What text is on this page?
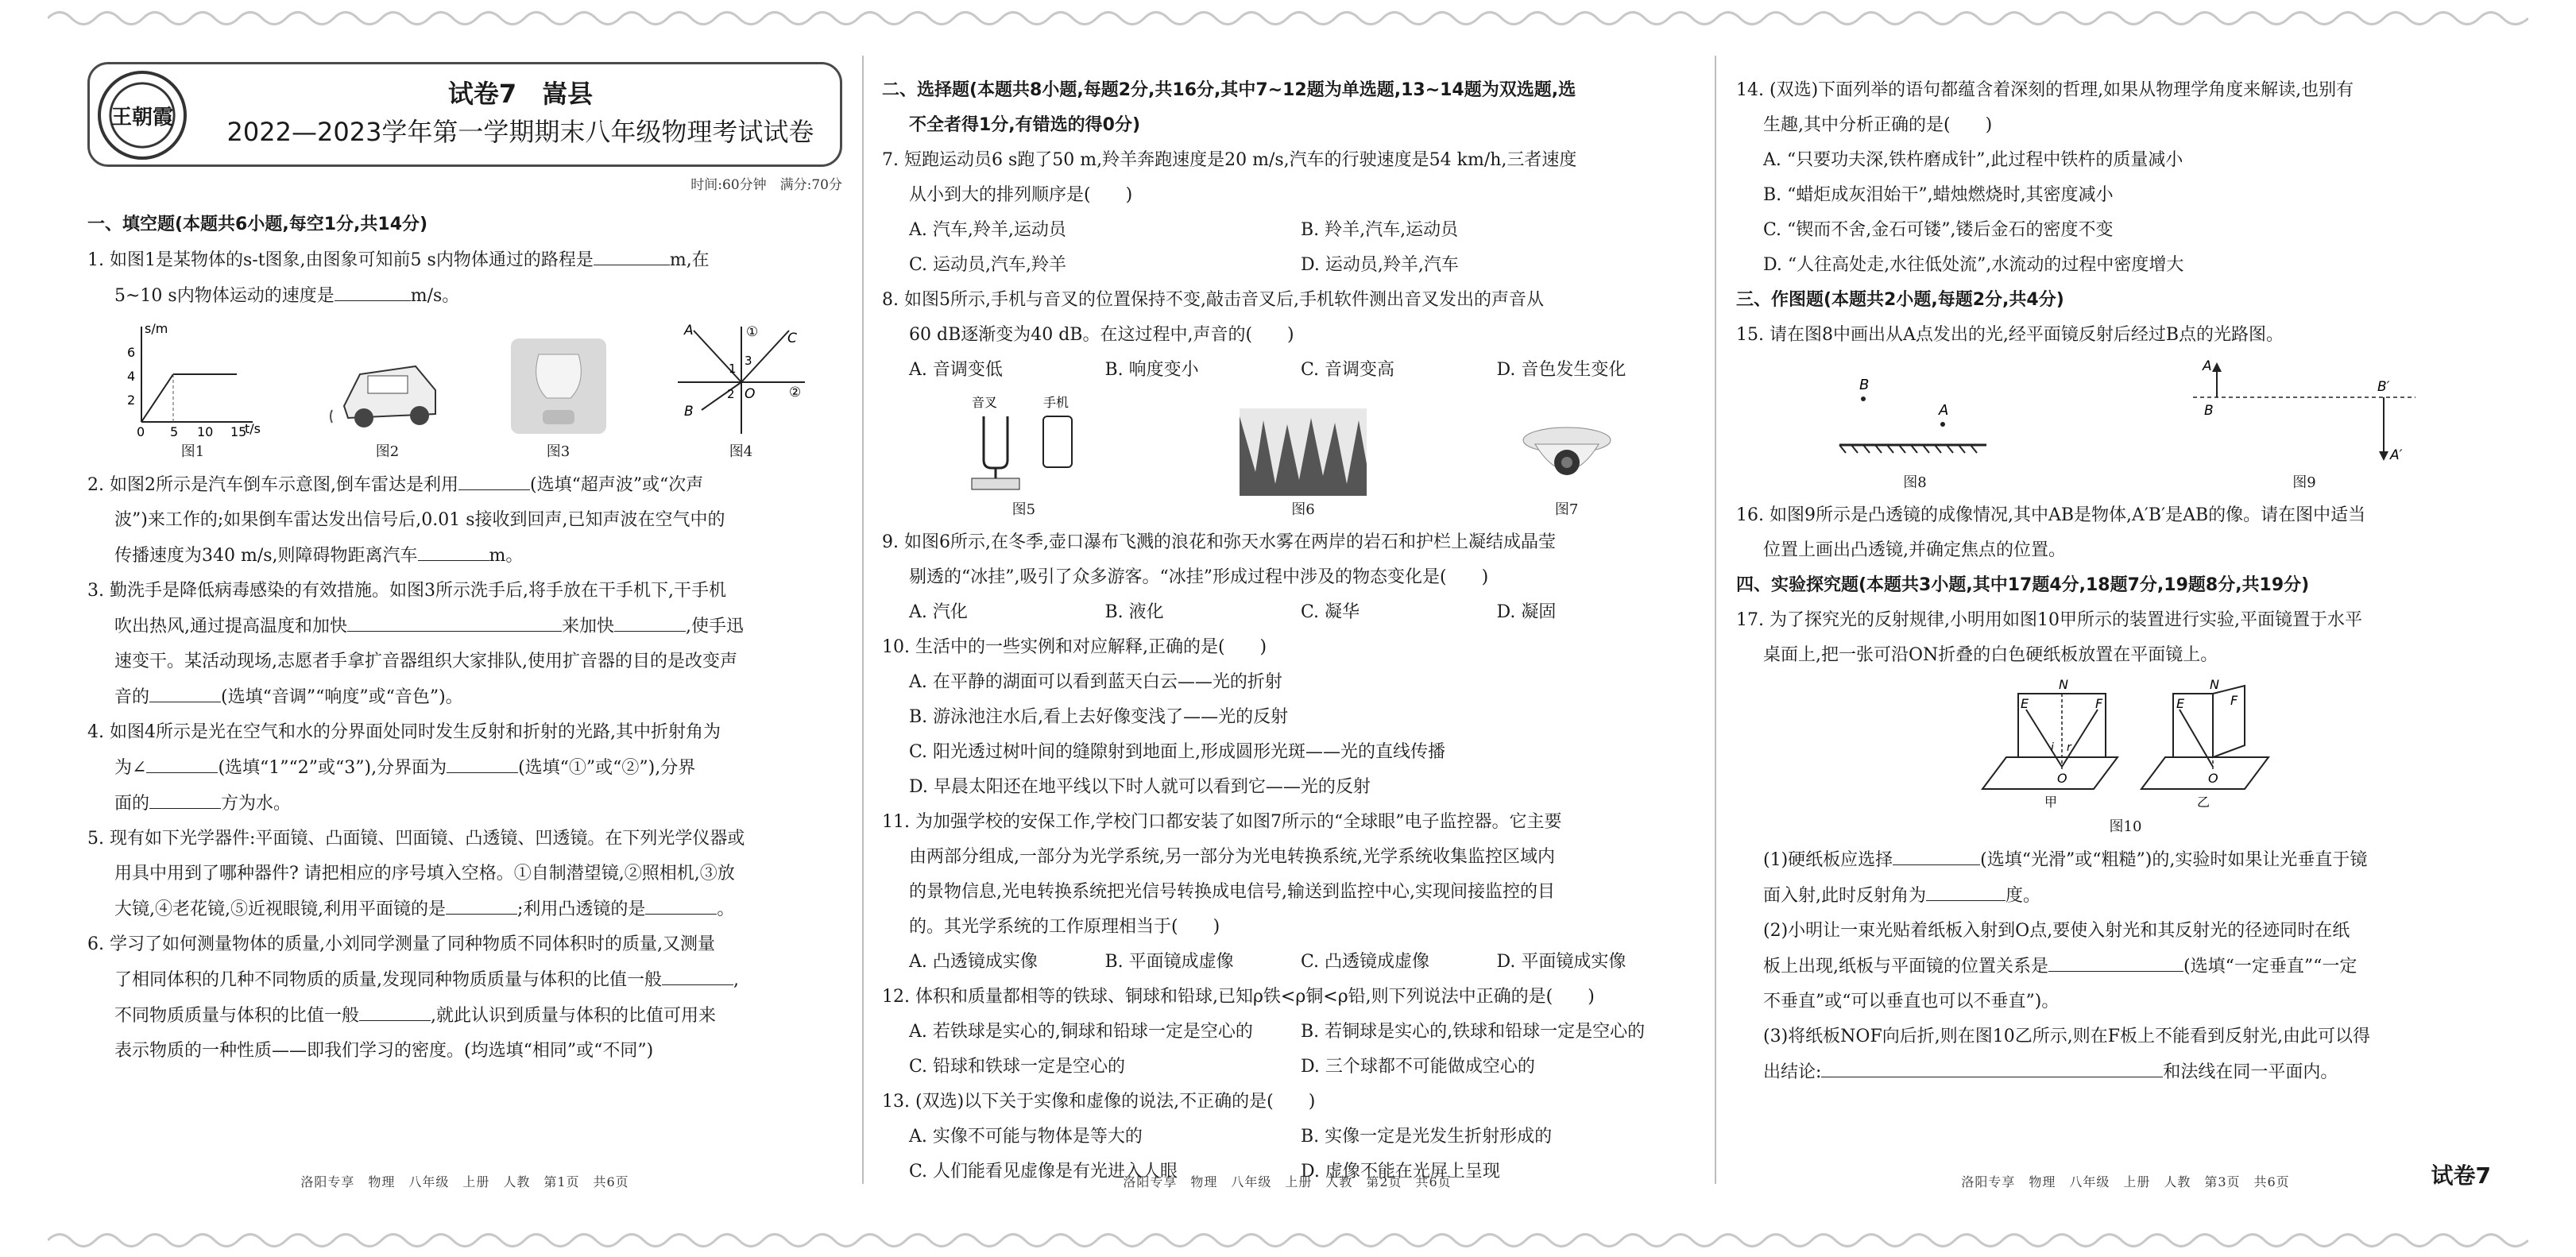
王朝霞
试卷7　嵩县
2022—2023学年第一学期期末八年级物理考试试卷
时间:60分钟　满分:70分
一、填空题(本题共6小题,每空1分,共14分)

1. 如图1是某物体的s-t图象,由图象可知前5 s内物体通过的路程是	m,在

5~10 s内物体运动的速度是	m/s。

s/m
6
4
2
0 5 10 15
t/s
图1	图2	图3
A	① C
1
3
2
B
O	②
图4

2. 如图2所示是汽车倒车示意图,倒车雷达是利用	(选填“超声波”或“次声

波”)来工作的;如果倒车雷达发出信号后,0.01 s接收到回声,已知声波在空气中的

传播速度为340 m/s,则障碍物距离汽车	m。

3. 勤洗手是降低病毒感染的有效措施。如图3所示洗手后,将手放在干手机下,干手机

吹出热风,通过提高温度和加快	来加快	,使手迅

速变干。某活动现场,志愿者手拿扩音器组织大家排队,使用扩音器的目的是改变声

音的	(选填“音调”“响度”或“音色”)。

4. 如图4所示是光在空气和水的分界面处同时发生反射和折射的光路,其中折射角为

为∠	(选填“1”“2”或“3”),分界面为	(选填“①”或“②”),分界

面的	方为水。

5. 现有如下光学器件:平面镜、凸面镜、凹面镜、凸透镜、凹透镜。在下列光学仪器或

用具中用到了哪种器件? 请把相应的序号填入空格。①自制潜望镜,②照相机,③放

大镜,④老花镜,⑤近视眼镜,利用平面镜的是	;利用凸透镜的是	。

6. 学习了如何测量物体的质量,小刘同学测量了同种物质不同体积时的质量,又测量

了相同体积的几种不同物质的质量,发现同种物质质量与体积的比值一般	,

不同物质质量与体积的比值一般	,就此认识到质量与体积的比值可用来

表示物质的一种性质——即我们学习的密度。(均选填“相同”或“不同”)

洛阳专享　物理　八年级　上册　人教　第1页　共6页
二、选择题(本题共8小题,每题2分,共16分,其中7~12题为单选题,13~14题为双选题,选
不全者得1分,有错选的得0分)

7. 短跑运动员6 s跑了50 m,羚羊奔跑速度是20 m/s,汽车的行驶速度是54 km/h,三者速度

从小到大的排列顺序是(　　)

A. 汽车,羚羊,运动员	B. 羚羊,汽车,运动员
C. 运动员,汽车,羚羊	D. 运动员,羚羊,汽车

8. 如图5所示,手机与音叉的位置保持不变,敲击音叉后,手机软件测出音叉发出的声音从

60 dB逐渐变为40 dB。在这过程中,声音的(　　)

A. 音调变低	B. 响度变小	C. 音调变高	D. 音色发生变化
音叉	手机
图5	图6	图7

9. 如图6所示,在冬季,壶口瀑布飞溅的浪花和弥天水雾在两岸的岩石和护栏上凝结成晶莹

剔透的“冰挂”,吸引了众多游客。“冰挂”形成过程中涉及的物态变化是(　　)

A. 汽化	B. 液化	C. 凝华	D. 凝固

10. 生活中的一些实例和对应解释,正确的是(　　)

A. 在平静的湖面可以看到蓝天白云——光的折射

B. 游泳池注水后,看上去好像变浅了——光的反射

C. 阳光透过树叶间的缝隙射到地面上,形成圆形光斑——光的直线传播

D. 早晨太阳还在地平线以下时人就可以看到它——光的反射

11. 为加强学校的安保工作,学校门口都安装了如图7所示的“全球眼”电子监控器。它主要

由两部分组成,一部分为光学系统,另一部分为光电转换系统,光学系统收集监控区域内

的景物信息,光电转换系统把光信号转换成电信号,输送到监控中心,实现间接监控的目

的。其光学系统的工作原理相当于(　　)

A. 凸透镜成实像	B. 平面镜成虚像	C. 凸透镜成虚像	D. 平面镜成实像

12. 体积和质量都相等的铁球、铜球和铅球,已知ρ铁<ρ铜<ρ铅,则下列说法中正确的是(　　)

A. 若铁球是实心的,铜球和铅球一定是空心的	B. 若铜球是实心的,铁球和铅球一定是空心的
C. 铅球和铁球一定是空心的	D. 三个球都不可能做成空心的

13. (双选)以下关于实像和虚像的说法,不正确的是(　　)

A. 实像不可能与物体是等大的	B. 实像一定是光发生折射形成的
C. 人们能看见虚像是有光进入人眼	D. 虚像不能在光屏上呈现
洛阳专享　物理　八年级　上册　人教　第2页　共6页

14. (双选)下面列举的语句都蕴含着深刻的哲理,如果从物理学角度来解读,也别有

生趣,其中分析正确的是(　　)

A. “只要功夫深,铁杵磨成针”,此过程中铁杵的质量减小

B. “蜡炬成灰泪始干”,蜡烛燃烧时,其密度减小

C. “锲而不舍,金石可镂”,镂后金石的密度不变

D. “人往高处走,水往低处流”,水流动的过程中密度增大

三、作图题(本题共2小题,每题2分,共4分)

15. 请在图8中画出从A点发出的光,经平面镜反射后经过B点的光路图。

B
A
图8
A
B
B′
A′
图9

16. 如图9所示是凸透镜的成像情况,其中AB是物体,A′B′是AB的像。请在图中适当

位置上画出凸透镜,并确定焦点的位置。

四、实验探究题(本题共3小题,其中17题4分,18题7分,19题8分,共19分)

17. 为了探究光的反射规律,小明用如图10甲所示的装置进行实验,平面镜置于水平

桌面上,把一张可沿ON折叠的白色硬纸板放置在平面镜上。

N
E	F
i r
O
甲
N
E	F
O
乙
图10

(1)硬纸板应选择	(选填“光滑”或“粗糙”)的,实验时如果让光垂直于镜

面入射,此时反射角为	度。

(2)小明让一束光贴着纸板入射到O点,要使入射光和其反射光的径迹同时在纸

板上出现,纸板与平面镜的位置关系是	(选填“一定垂直”“一定

不垂直”或“可以垂直也可以不垂直”)。

(3)将纸板NOF向后折,则在图10乙所示,则在F板上不能看到反射光,由此可以得

出结论:	和法线在同一平面内。

洛阳专享　物理　八年级　上册　人教　第3页　共6页	试卷7
